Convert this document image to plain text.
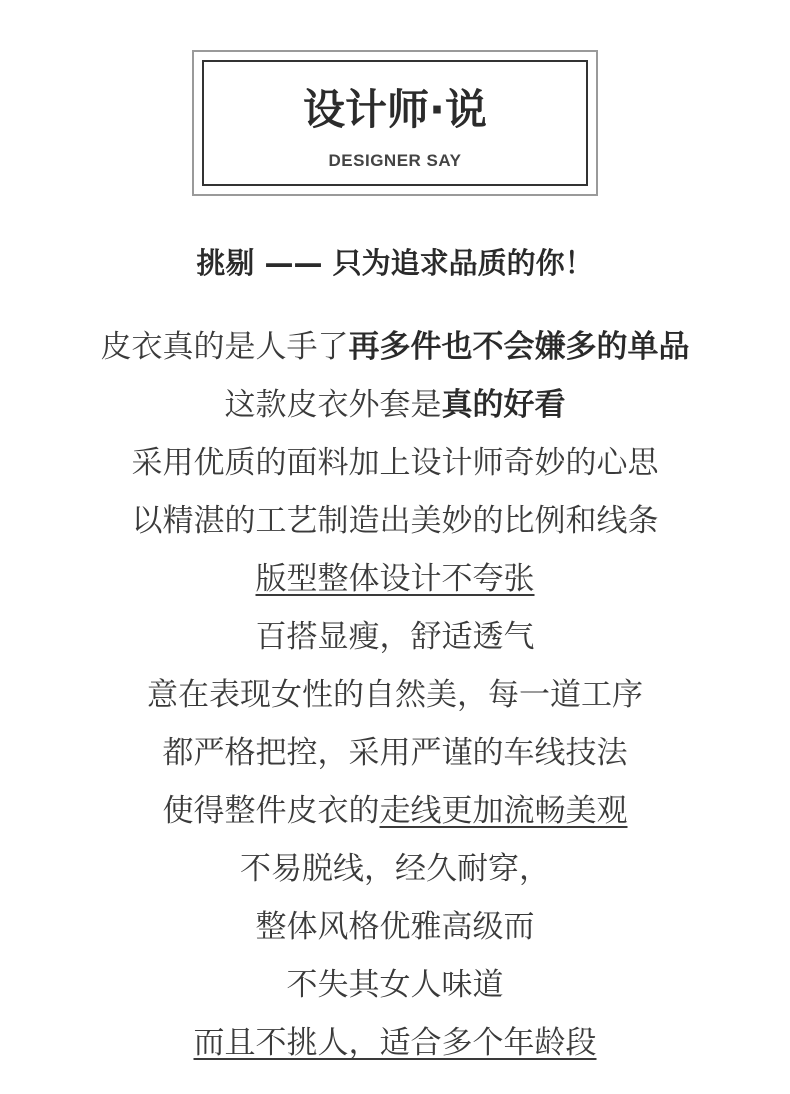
设计师·说
DESIGNER SAY
挑剔 —— 只为追求品质的你！
皮衣真的是人手了再多件也不会嫌多的单品
这款皮衣外套是真的好看
采用优质的面料加上设计师奇妙的心思
以精湛的工艺制造出美妙的比例和线条
版型整体设计不夸张
百搭显瘦，舒适透气
意在表现女性的自然美，每一道工序
都严格把控，采用严谨的车线技法
使得整件皮衣的走线更加流畅美观
不易脱线，经久耐穿，
整体风格优雅高级而
不失其女人味道
而且不挑人，适合多个年龄段
